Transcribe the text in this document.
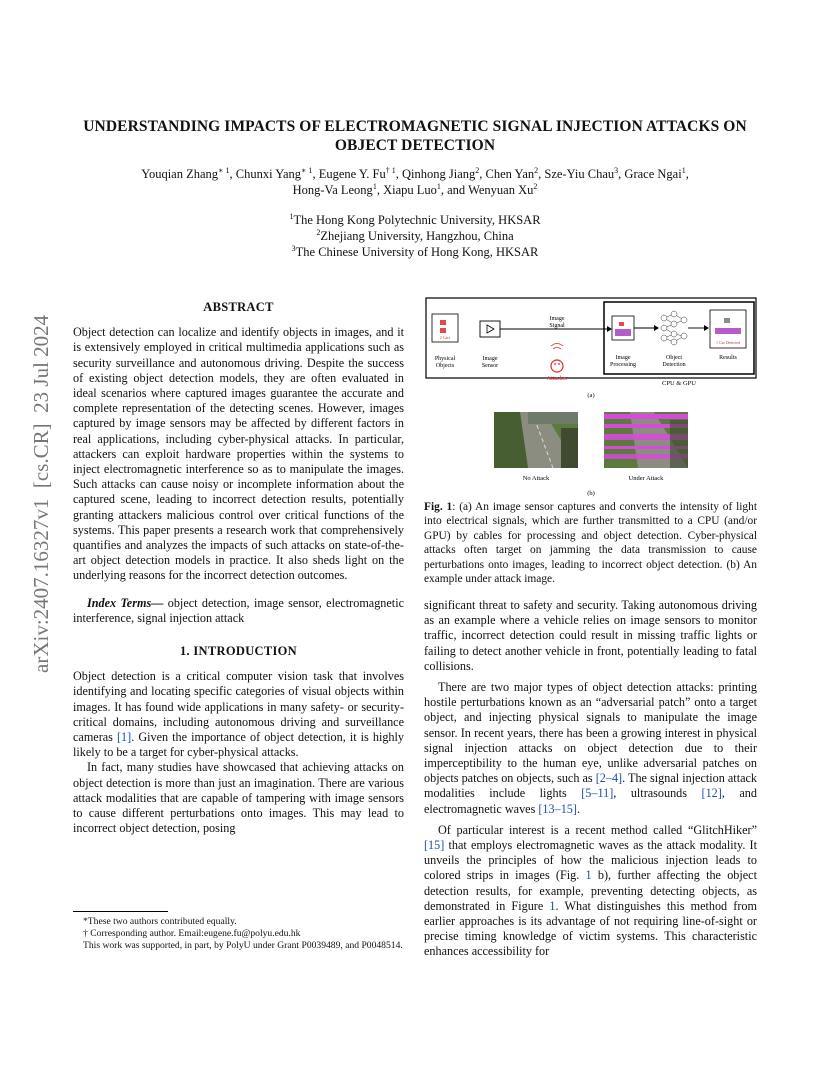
arXiv:2407.16327v1  [cs.CR]  23 Jul 2024
UNDERSTANDING IMPACTS OF ELECTROMAGNETIC SIGNAL INJECTION ATTACKS ON OBJECT DETECTION
Youqian Zhang$^{∗ 1}$, Chunxi Yang$^{∗ 1}$, Eugene Y. Fu$^{\dagger 1}$, Qinhong Jiang$^2$, Chen Yan$^2$, Sze-Yiu Chau$^3$, Grace Ngai$^1$,
Hong-Va Leong$^1$, Xiapu Luo$^1$, and Wenyuan Xu$^2$
$^1$The Hong Kong Polytechnic University, HKSAR
$^2$Zhejiang University, Hangzhou, China
$^3$The Chinese University of Hong Kong, HKSAR
ABSTRACT

Object detection can localize and identify objects in images, and it is extensively employed in critical multimedia applications such as security surveillance and autonomous driving. Despite the success of existing object detection models, they are often evaluated in ideal scenarios where captured images guarantee the accurate and complete representation of the detecting scenes. However, images captured by image sensors may be affected by different factors in real applications, including cyber-physical attacks. In particular, attackers can exploit hardware properties within the systems to inject electromagnetic interference so as to manipulate the images. Such attacks can cause noisy or incomplete information about the captured scene, leading to incorrect detection results, potentially granting attackers malicious control over critical functions of the systems. This paper presents a research work that comprehensively quantifies and analyzes the impacts of such attacks on state-of-the-art object detection models in practice. It also sheds light on the underlying reasons for the incorrect detection outcomes.

Index Terms— object detection, image sensor, electromagnetic interference, signal injection attack

1. INTRODUCTION

Object detection is a critical computer vision task that involves identifying and locating specific categories of visual objects within images. It has found wide applications in many safety- or security-critical domains, including autonomous driving and surveillance cameras [1]. Given the importance of object detection, it is highly likely to be a target for cyber-physical attacks.

In fact, many studies have showcased that achieving attacks on object detection is more than just an imagination. There are various attack modalities that are capable of tampering with image sensors to cause different perturbations onto images. This may lead to incorrect object detection, posing

*These two authors contributed equally.

† Corresponding author. Email:eugene.fu@polyu.edu.hk

This work was supported, in part, by PolyU under Grant P0039489, and P0048514.

2 Cars
Physical Objects
Image Sensor
Image Signal
Attacker
Image Processing
Object Detection
1 Car Detected
Results
CPU & GPU
(a)
No Attack	Under Attack
(b)
Fig. 1: (a) An image sensor captures and converts the intensity of light into electrical signals, which are further transmitted to a CPU (and/or GPU) by cables for processing and object detection. Cyber-physical attacks often target on jamming the data transmission to cause perturbations onto images, leading to incorrect object detection. (b) An example under attack image.

significant threat to safety and security. Taking autonomous driving as an example where a vehicle relies on image sensors to monitor traffic, incorrect detection could result in missing traffic lights or failing to detect another vehicle in front, potentially leading to fatal collisions.

There are two major types of object detection attacks: printing hostile perturbations known as an “adversarial patch” onto a target object, and injecting physical signals to manipulate the image sensor. In recent years, there has been a growing interest in physical signal injection attacks on object detection due to their imperceptibility to the human eye, unlike adversarial patches on objects patches on objects, such as [2–4]. The signal injection attack modalities include lights [5–11], ultrasounds [12], and electromagnetic waves [13–15].

Of particular interest is a recent method called “GlitchHiker” [15] that employs electromagnetic waves as the attack modality. It unveils the principles of how the malicious injection leads to colored strips in images (Fig. 1 b), further affecting the object detection results, for example, preventing detecting objects, as demonstrated in Figure 1. What distinguishes this method from earlier approaches is its advantage of not requiring line-of-sight or precise timing knowledge of victim systems. This characteristic enhances accessibility for
